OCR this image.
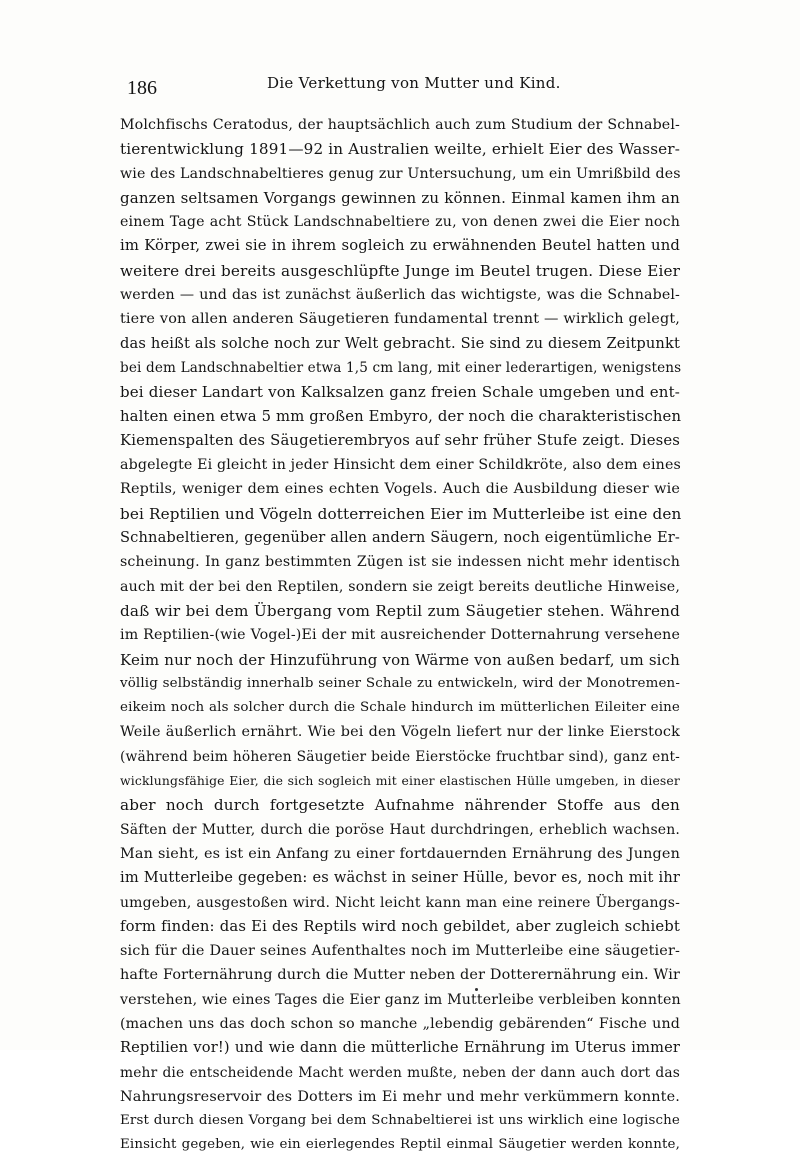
186	Die Verkettung von Mutter und Kind.
Molchfischs Ceratodus, der hauptsächlich auch zum Studium der Schnabel-
tierentwicklung 1891—92 in Australien weilte, erhielt Eier des Wasser-
wie des Landschnabeltieres genug zur Untersuchung, um ein Umrißbild des
ganzen seltsamen Vorgangs gewinnen zu können. Einmal kamen ihm an
einem Tage acht Stück Landschnabeltiere zu, von denen zwei die Eier noch
im Körper, zwei sie in ihrem sogleich zu erwähnenden Beutel hatten und
weitere drei bereits ausgeschlüpfte Junge im Beutel trugen. Diese Eier
werden — und das ist zunächst äußerlich das wichtigste, was die Schnabel-
tiere von allen anderen Säugetieren fundamental trennt — wirklich gelegt,
das heißt als solche noch zur Welt gebracht. Sie sind zu diesem Zeitpunkt
bei dem Landschnabeltier etwa 1,5 cm lang, mit einer lederartigen, wenigstens
bei dieser Landart von Kalksalzen ganz freien Schale umgeben und ent-
halten einen etwa 5 mm großen Embyro, der noch die charakteristischen
Kiemenspalten des Säugetierembryos auf sehr früher Stufe zeigt. Dieses
abgelegte Ei gleicht in jeder Hinsicht dem einer Schildkröte, also dem eines
Reptils, weniger dem eines echten Vogels. Auch die Ausbildung dieser wie
bei Reptilien und Vögeln dotterreichen Eier im Mutterleibe ist eine den
Schnabeltieren, gegenüber allen andern Säugern, noch eigentümliche Er-
scheinung. In ganz bestimmten Zügen ist sie indessen nicht mehr identisch
auch mit der bei den Reptilen, sondern sie zeigt bereits deutliche Hinweise,
daß wir bei dem Übergang vom Reptil zum Säugetier stehen. Während
im Reptilien-(wie Vogel-)Ei der mit ausreichender Dotternahrung versehene
Keim nur noch der Hinzuführung von Wärme von außen bedarf, um sich
völlig selbständig innerhalb seiner Schale zu entwickeln, wird der Monotremen-
eikeim noch als solcher durch die Schale hindurch im mütterlichen Eileiter eine
Weile äußerlich ernährt. Wie bei den Vögeln liefert nur der linke Eierstock
(während beim höheren Säugetier beide Eierstöcke fruchtbar sind), ganz ent-
wicklungsfähige Eier, die sich sogleich mit einer elastischen Hülle umgeben, in dieser
aber noch durch fortgesetzte Aufnahme nährender Stoffe aus den
Säften der Mutter, durch die poröse Haut durchdringen, erheblich wachsen.
Man sieht, es ist ein Anfang zu einer fortdauernden Ernährung des Jungen
im Mutterleibe gegeben: es wächst in seiner Hülle, bevor es, noch mit ihr
umgeben, ausgestoßen wird. Nicht leicht kann man eine reinere Übergangs-
form finden: das Ei des Reptils wird noch gebildet, aber zugleich schiebt
sich für die Dauer seines Aufenthaltes noch im Mutterleibe eine säugetier-
hafte Forternährung durch die Mutter neben der Dotterernährung ein. Wir
verstehen, wie eines Tages die Eier ganz im Mutterleibe verbleiben konnten
(machen uns das doch schon so manche „lebendig gebärenden“ Fische und
Reptilien vor!) und wie dann die mütterliche Ernährung im Uterus immer
mehr die entscheidende Macht werden mußte, neben der dann auch dort das
Nahrungsreservoir des Dotters im Ei mehr und mehr verkümmern konnte.
Erst durch diesen Vorgang bei dem Schnabeltierei ist uns wirklich eine logische
Einsicht gegeben, wie ein eierlegendes Reptil einmal Säugetier werden konnte,
